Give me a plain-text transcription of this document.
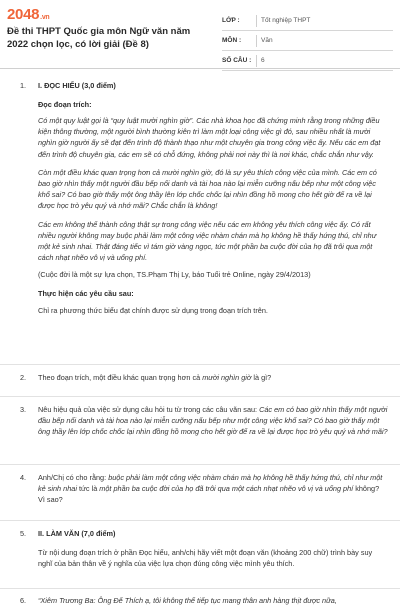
2048.vn
Đề thi THPT Quốc gia môn Ngữ văn năm 2022 chọn lọc, có lời giải (Đề 8)
LỚP :	Tốt nghiệp THPT
MÔN :	Văn
SỐ CÂU :	6
1. I. ĐỌC HIỂU (3,0 điểm)
Đọc đoạn trích:
Có một quy luật gọi là “quy luật mười nghìn giờ”. Các nhà khoa học đã chứng minh rằng trong những điều kiện thông thường, một người bình thường kiên trì làm một loại công việc gì đó, sau nhiều nhất là mười nghìn giờ người ấy sẽ đạt đến trình độ thành thạo như một chuyên gia trong công việc ấy. Nếu các em đạt đến trình độ chuyên gia, các em sẽ có chỗ đứng, không phải nơi này thì là nơi khác, chắc chắn như vậy.
Còn một điều khác quan trọng hơn cả mười nghìn giờ, đó là sự yêu thích công việc của mình. Các em có bao giờ nhìn thấy một người đầu bếp nổi danh và tài hoa nào lại miễn cưỡng nấu bếp như một công việc khổ sai? Có bao giờ thấy một ông thầy lên lớp chốc chốc lại nhìn đồng hồ mong cho hết giờ để ra về lại được học trò yêu quý và nhớ mãi? Chắc chắn là không!
Các em không thể thành công thật sự trong công việc nếu các em không yêu thích công việc ấy. Có rất nhiều người không may buộc phải làm một công việc nhàm chán mà họ không hề thấy hứng thú, chỉ như một kẻ sinh nhai. Thật đáng tiếc vì tám giờ vàng ngọc, tức một phần ba cuộc đời của họ đã trôi qua một cách nhạt nhẽo vô vị và uổng phí.
(Cuộc đời là một sự lựa chọn, TS.Phạm Thị Ly, báo Tuổi trẻ Online, ngày 29/4/2013)
Thực hiện các yêu cầu sau:
Chỉ ra phương thức biểu đạt chính được sử dụng trong đoạn trích trên.
2. Theo đoạn trích, một điều khác quan trọng hơn cả mười nghìn giờ là gì?
3. Nêu hiệu quả của việc sử dụng câu hỏi tu từ trong các câu văn sau: Các em có bao giờ nhìn thấy một người đầu bếp nổi danh và tài hoa nào lại miễn cưỡng nấu bếp như một công việc khổ sai? Có bao giờ thấy một ông thầy lên lớp chốc chốc lại nhìn đồng hồ mong cho hết giờ để ra về lại được học trò yêu quý và nhớ mãi?
4. Anh/Chị có cho rằng: buộc phải làm một công việc nhàm chán mà họ không hề thấy hứng thú, chỉ như một kẻ sinh nhai tức là một phần ba cuộc đời của họ đã trôi qua một cách nhạt nhẽo vô vị và uổng phí không? Vì sao?
5. II. LÀM VĂN (7,0 điểm)
Từ nội dung đoạn trích ở phần Đọc hiểu, anh/chị hãy viết một đoạn văn (khoảng 200 chữ) trình bày suy nghĩ của bản thân về ý nghĩa của việc lựa chọn đúng công việc mình yêu thích.
6. “Xiêm Trương Ba: Ông Đế Thích ạ, tôi không thể tiếp tục mang thân anh hàng thịt được nữa,
